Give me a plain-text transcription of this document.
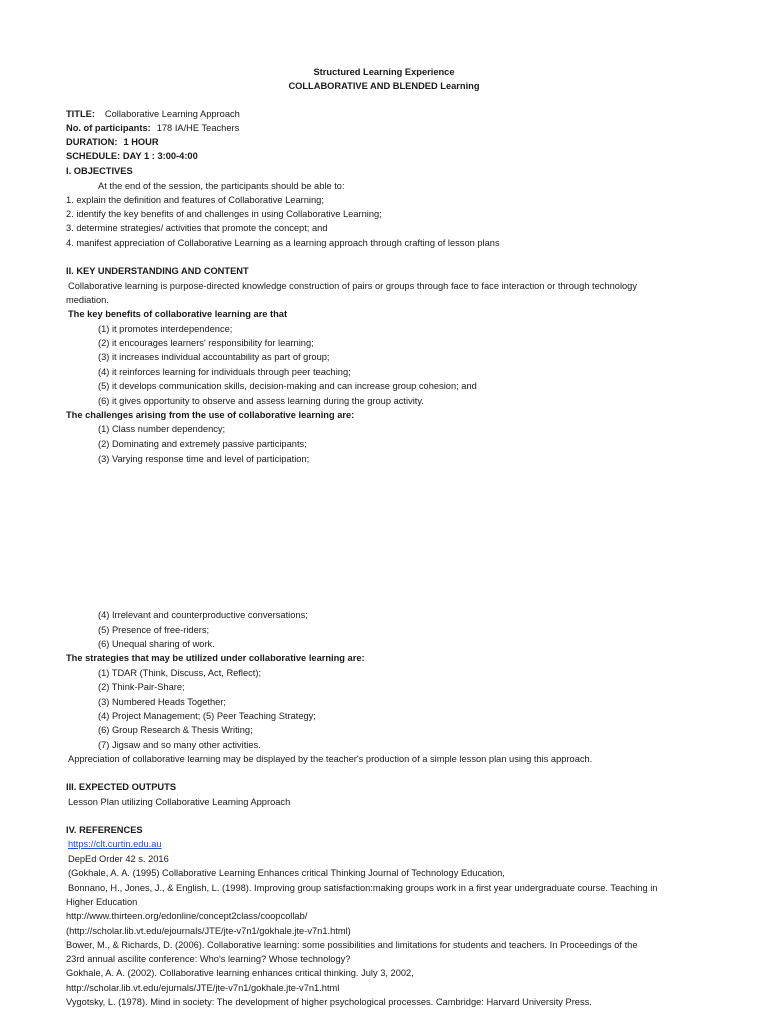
Structured Learning Experience
COLLABORATIVE AND BLENDED Learning
TITLE: Collaborative Learning Approach
No. of participants: 178 IA/HE Teachers
DURATION: 1 HOUR
SCHEDULE: DAY 1 : 3:00-4:00
I. OBJECTIVES
At the end of the session, the participants should be able to:
1. explain the definition and features of Collaborative Learning;
2. identify the key benefits of and challenges in using Collaborative Learning;
3. determine strategies/ activities that promote the concept; and
4. manifest appreciation of Collaborative Learning as a learning approach through crafting of lesson plans
II. KEY UNDERSTANDING AND CONTENT
Collaborative learning is purpose-directed knowledge construction of pairs or groups through face to face interaction or through technology
mediation.
The key benefits of collaborative learning are that
(1) it promotes interdependence;
(2) it encourages learners' responsibility for learning;
(3) it increases individual accountability as part of group;
(4) it reinforces learning for individuals through peer teaching;
(5) it develops communication skills, decision-making and can increase group cohesion; and
(6) it gives opportunity to observe and assess learning during the group activity.
The challenges arising from the use of collaborative learning are:
(1) Class number dependency;
(2) Dominating and extremely passive participants;
(3) Varying response time and level of participation;
(4) Irrelevant and counterproductive conversations;
(5) Presence of free-riders;
(6) Unequal sharing of work.
The strategies that may be utilized under collaborative learning are:
(1) TDAR (Think, Discuss, Act, Reflect);
(2) Think-Pair-Share;
(3) Numbered Heads Together;
(4) Project Management; (5) Peer Teaching Strategy;
(6) Group Research & Thesis Writing;
(7) Jigsaw and so many other activities.
Appreciation of collaborative learning may be displayed by the teacher's production of a simple lesson plan using this approach.
III. EXPECTED OUTPUTS
Lesson Plan utilizing Collaborative Learning Approach
IV. REFERENCES
https://clt.curtin.edu.au
DepEd Order 42 s. 2016
(Gokhale, A. A. (1995) Collaborative Learning Enhances critical Thinking Journal of Technology Education,
Bonnano, H., Jones, J., & English, L. (1998). Improving group satisfaction:making groups work in a first year undergraduate course. Teaching in
Higher Education
http://www.thirteen.org/edonline/concept2class/coopcollab/
(http://scholar.lib.vt.edu/ejournals/JTE/jte-v7n1/gokhale.jte-v7n1.html)
Bower, M., & Richards, D. (2006). Collaborative learning: some possibilities and limitations for students and teachers. In Proceedings of the
23rd annual ascilite conference: Who's learning? Whose technology?
Gokhale, A. A. (2002). Collaborative learning enhances critical thinking. July 3, 2002,
http://scholar.lib.vt.edu/ejurnals/JTE/jte-v7n1/gokhale.jte-v7n1.html
Vygotsky, L. (1978). Mind in society: The development of higher psychological processes. Cambridge: Harvard University Press.
